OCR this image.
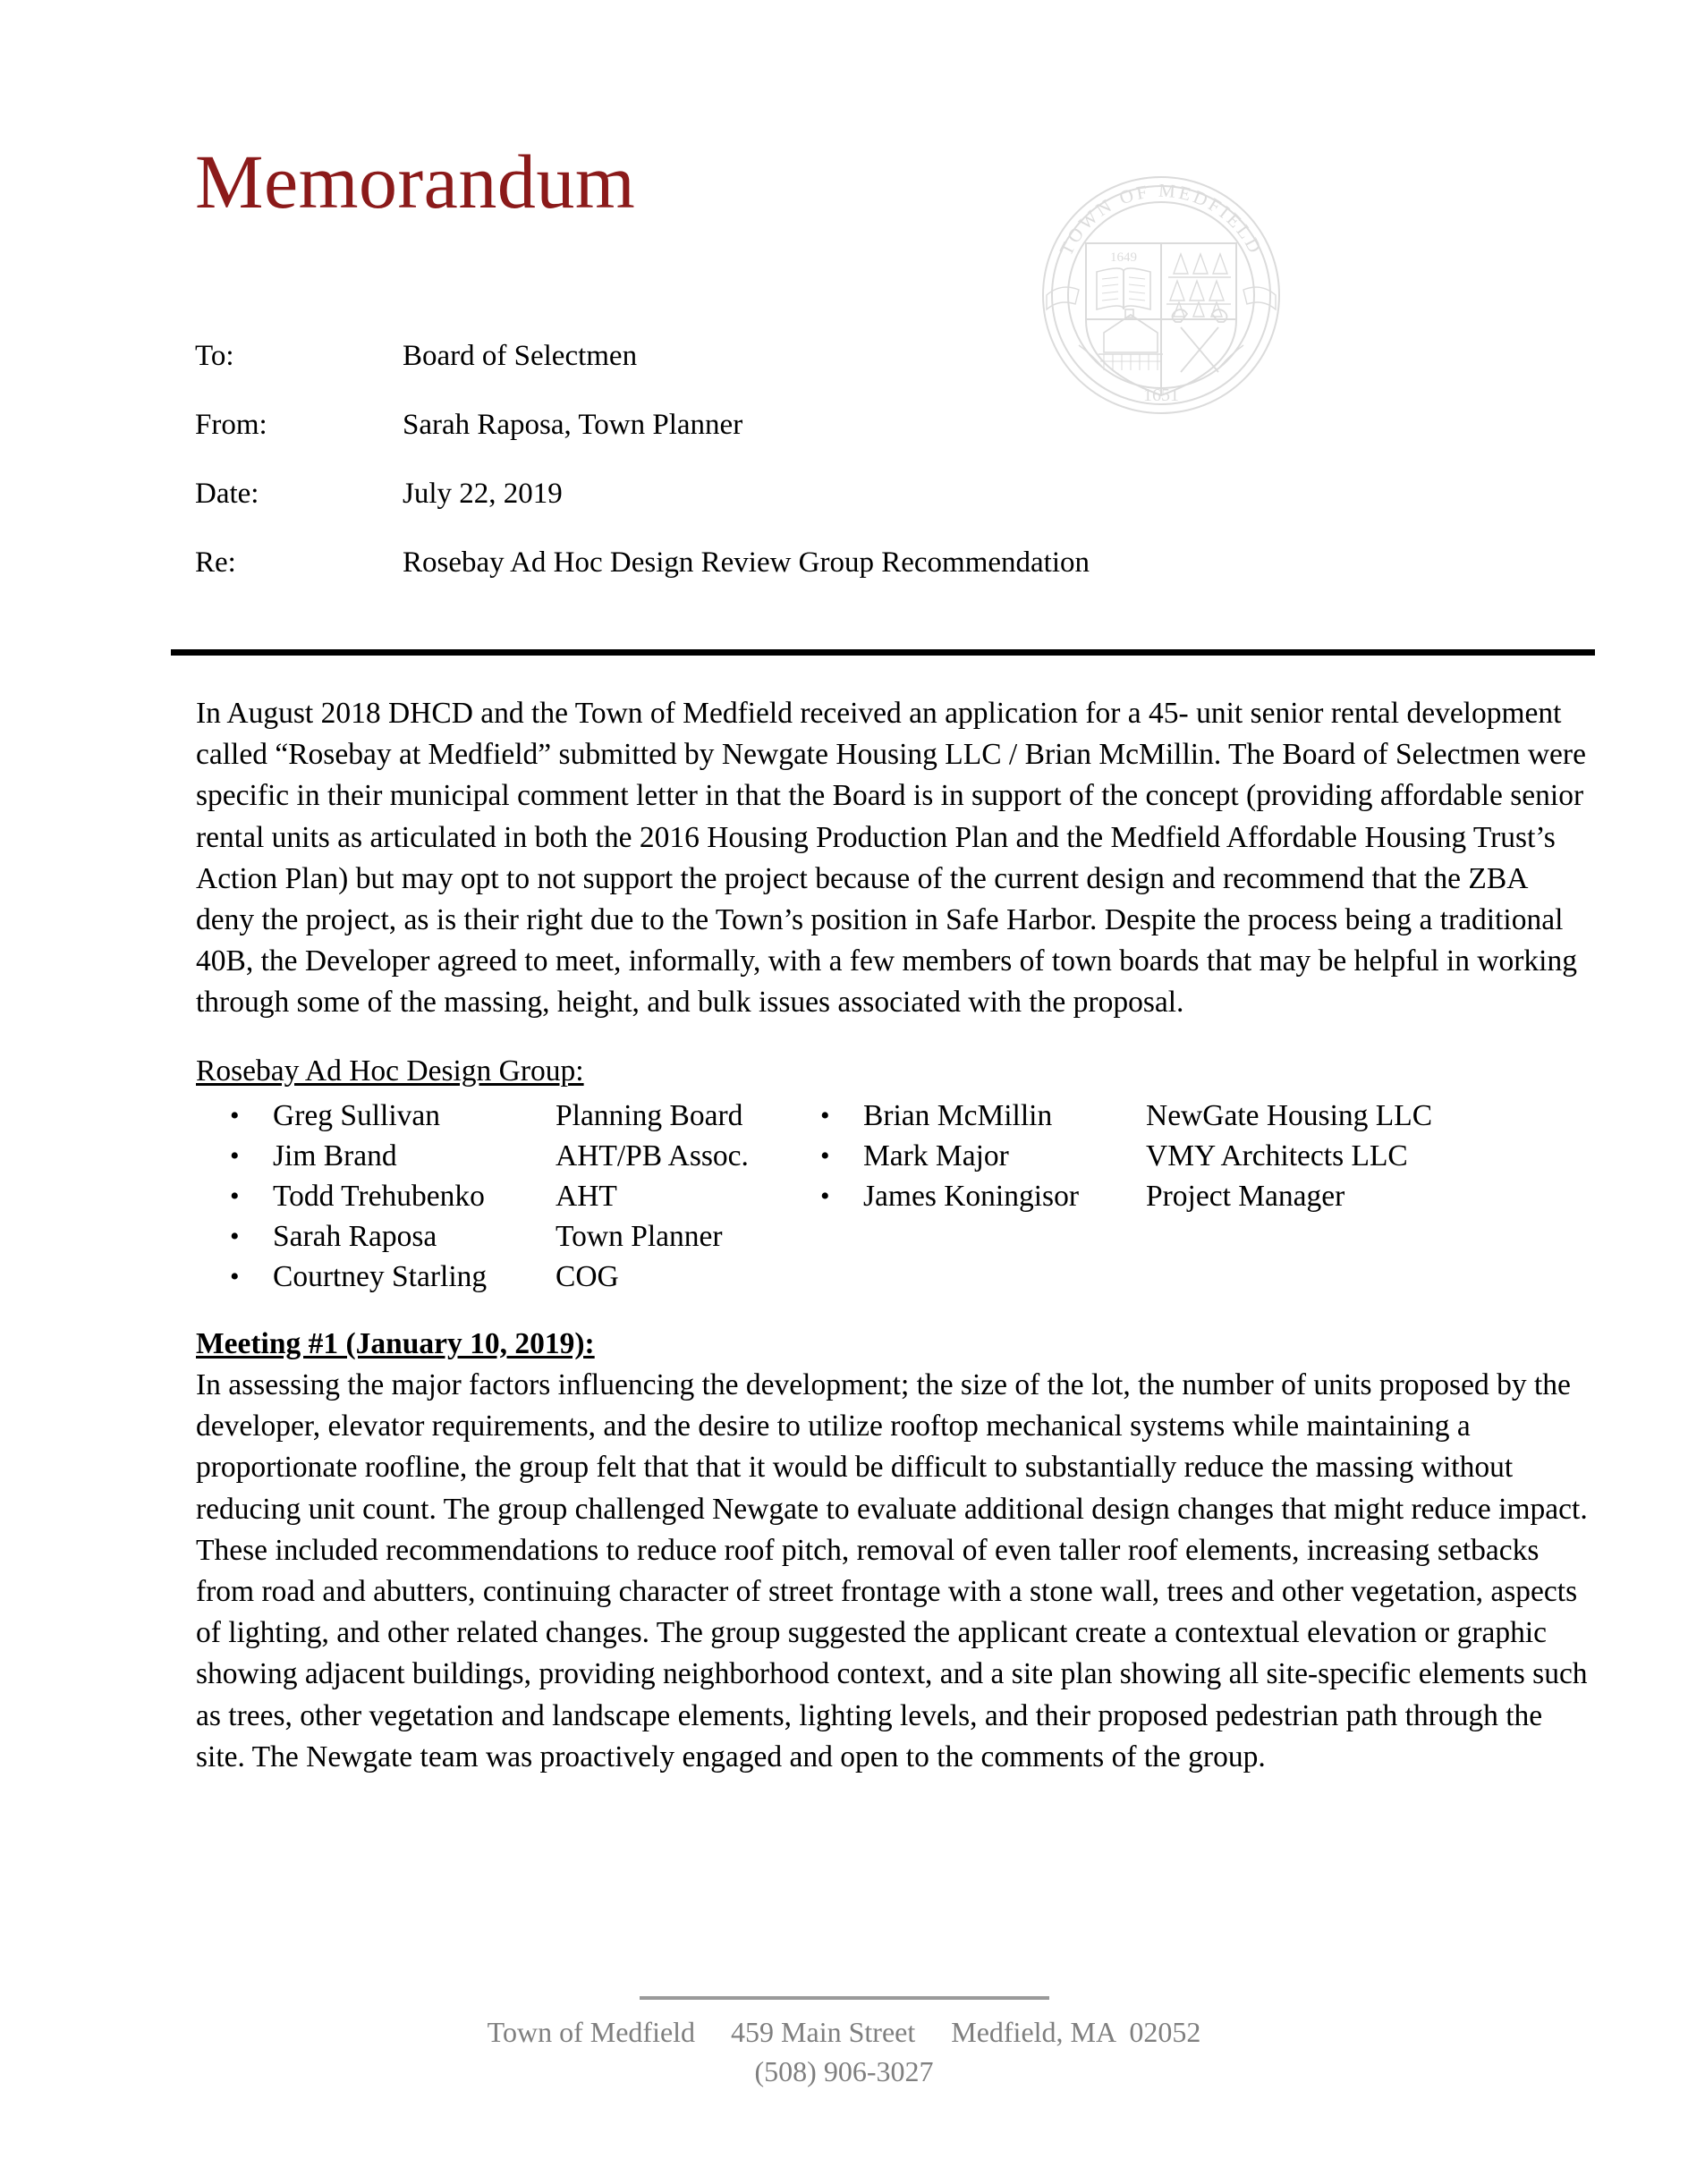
Memorandum
TOWN OF MEDFIELD
1651
1649
To:	Board of Selectmen
From:	Sarah Raposa, Town Planner
Date:	July 22, 2019
Re:	Rosebay Ad Hoc Design Review Group Recommendation

In August 2018 DHCD and the Town of Medfield received an application for a 45- unit senior rental development called “Rosebay at Medfield” submitted by Newgate Housing LLC / Brian McMillin. The Board of Selectmen were specific in their municipal comment letter in that the Board is in support of the concept (providing affordable senior rental units as articulated in both the 2016 Housing Production Plan and the Medfield Affordable Housing Trust’s Action Plan) but may opt to not support the project because of the current design and recommend that the ZBA deny the project, as is their right due to the Town’s position in Safe Harbor. Despite the process being a traditional 40B, the Developer agreed to meet, informally, with a few members of town boards that may be helpful in working through some of the massing, height, and bulk issues associated with the proposal.

Rosebay Ad Hoc Design Group:
• Greg Sullivan	Planning Board
• Jim Brand	AHT/PB Assoc.
• Todd Trehubenko	AHT
• Sarah Raposa	Town Planner
• Courtney Starling	COG
• Brian McMillin	NewGate Housing LLC
• Mark Major	VMY Architects LLC
• James Koningisor	Project Manager
Meeting #1 (January 10, 2019):

In assessing the major factors influencing the development; the size of the lot, the number of units proposed by the developer, elevator requirements, and the desire to utilize rooftop mechanical systems while maintaining a proportionate roofline, the group felt that that it would be difficult to substantially reduce the massing without reducing unit count. The group challenged Newgate to evaluate additional design changes that might reduce impact. These included recommendations to reduce roof pitch, removal of even taller roof elements, increasing setbacks from road and abutters, continuing character of street frontage with a stone wall, trees and other vegetation, aspects of lighting, and other related changes. The group suggested the applicant create a contextual elevation or graphic showing adjacent buildings, providing neighborhood context, and a site plan showing all site-specific elements such as trees, other vegetation and landscape elements, lighting levels, and their proposed pedestrian path through the site. The Newgate team was proactively engaged and open to the comments of the group.

Town of Medfield     459 Main Street     Medfield, MA  02052
(508) 906-3027
